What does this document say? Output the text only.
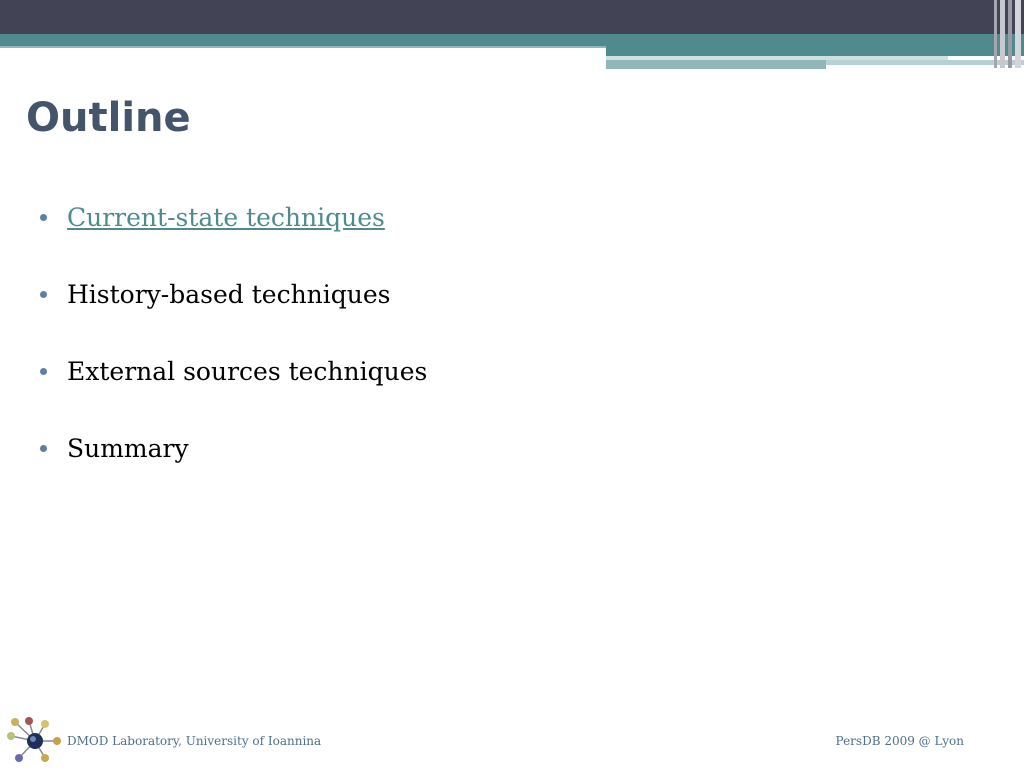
Outline
Current-state techniques
History-based techniques
External sources techniques
Summary
DMOD Laboratory, University of Ioannina	PersDB 2009 @ Lyon
